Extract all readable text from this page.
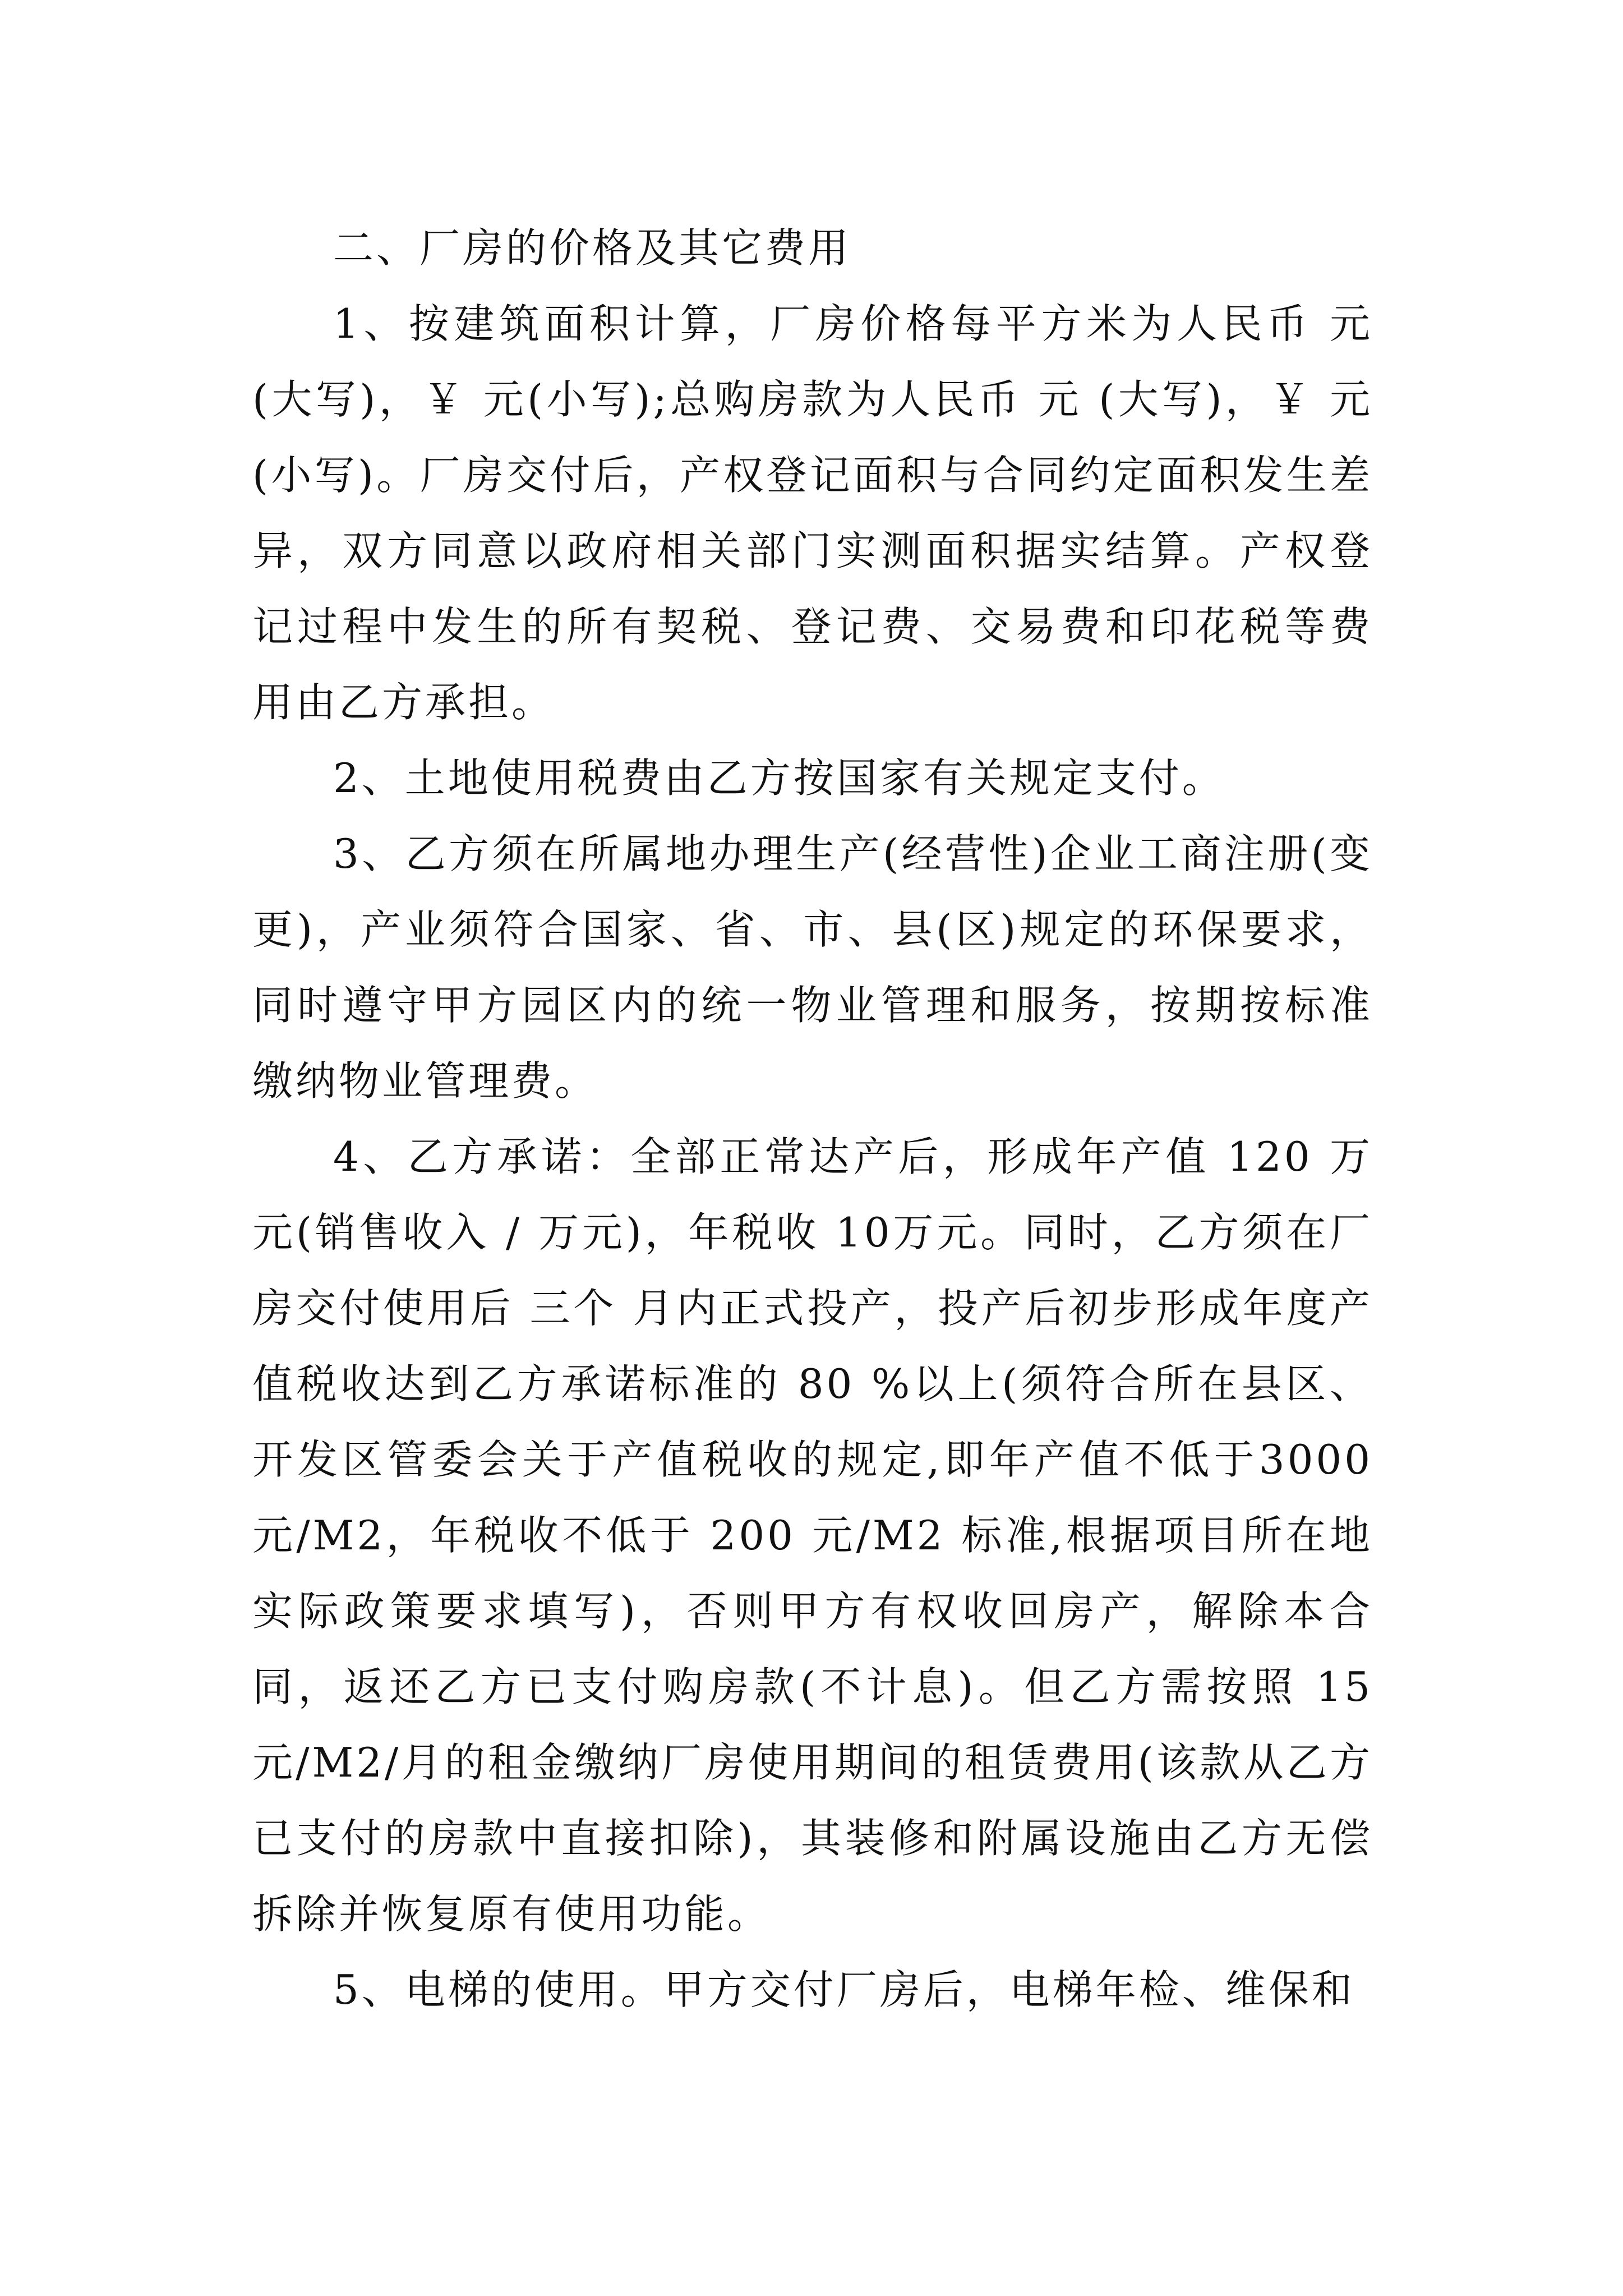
二、厂房的价格及其它费用

1、按建筑面积计算，厂房价格每平方米为人民币 元(大写)，￥ 元(小写);总购房款为人民币 元 (大写)，￥ 元(小写)。厂房交付后，产权登记面积与合同约定面积发生差异，双方同意以政府相关部门实测面积据实结算。产权登记过程中发生的所有契税、登记费、交易费和印花税等费用由乙方承担。

2、土地使用税费由乙方按国家有关规定支付。

3、乙方须在所属地办理生产(经营性)企业工商注册(变更)，产业须符合国家、省、市、县(区)规定的环保要求，同时遵守甲方园区内的统一物业管理和服务，按期按标准缴纳物业管理费。

4、乙方承诺：全部正常达产后，形成年产值 120 万元(销售收入 / 万元)，年税收 10万元。同时，乙方须在厂房交付使用后 三个 月内正式投产，投产后初步形成年度产值税收达到乙方承诺标准的 80 %以上(须符合所在县区、开发区管委会关于产值税收的规定,即年产值不低于3000 元/M2，年税收不低于 200 元/M2 标准,根据项目所在地实际政策要求填写)，否则甲方有权收回房产，解除本合同，返还乙方已支付购房款(不计息)。但乙方需按照 15 元/M2/月的租金缴纳厂房使用期间的租赁费用(该款从乙方已支付的房款中直接扣除)，其装修和附属设施由乙方无偿拆除并恢复原有使用功能。

5、电梯的使用。甲方交付厂房后，电梯年检、维保和
